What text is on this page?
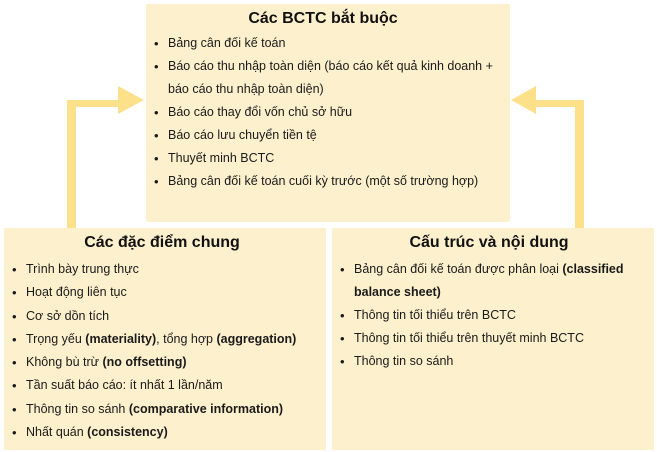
Các BCTC bắt buộc
• Bảng cân đối kế toán
• Báo cáo thu nhập toàn diện (báo cáo kết quả kinh doanh + báo cáo thu nhập toàn diện)
• Báo cáo thay đổi vốn chủ sở hữu
• Báo cáo lưu chuyển tiền tệ
• Thuyết minh BCTC
• Bảng cân đối kế toán cuối kỳ trước (một số trường hợp)
Các đặc điểm chung
• Trình bày trung thực
• Hoạt động liên tục
• Cơ sở dồn tích
• Trọng yếu (materiality), tổng hợp (aggregation)
• Không bù trừ (no offsetting)
• Tần suất báo cáo: ít nhất 1 lần/năm
• Thông tin so sánh (comparative information)
• Nhất quán (consistency)
Cấu trúc và nội dung
• Bảng cân đối kế toán được phân loại (classified balance sheet)
• Thông tin tối thiểu trên BCTC
• Thông tin tối thiểu trên thuyết minh BCTC
• Thông tin so sánh
